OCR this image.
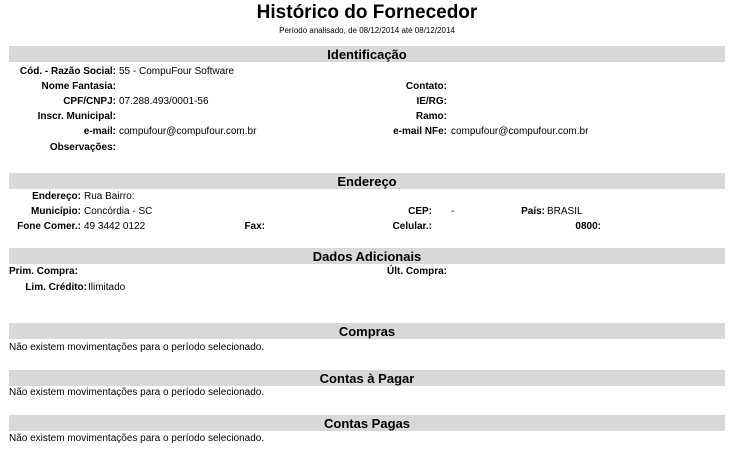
Histórico do Fornecedor
Período analisado, de 08/12/2014 até 08/12/2014
Identificação
Cód. - Razão Social: 55 - CompuFour Software
Nome Fantasia:	Contato:
CPF/CNPJ: 07.288.493/0001-56	IE/RG:
Inscr. Municipal:	Ramo:
e-mail: compufour@compufour.com.br	e-mail NFe: compufour@compufour.com.br
Observações:
Endereço
Endereço: Rua Bairro:
Município: Concórdia - SC	CEP: -	País: BRASIL
Fone Comer.: 49 3442 0122	Fax:	Celular.:	0800:
Dados Adicionais
Prim. Compra:	Últ. Compra:
Lim. Crédito: Ilimitado
Compras
Não existem movimentações para o período selecionado.
Contas à Pagar
Não existem movimentações para o período selecionado.
Contas Pagas
Não existem movimentações para o período selecionado.
